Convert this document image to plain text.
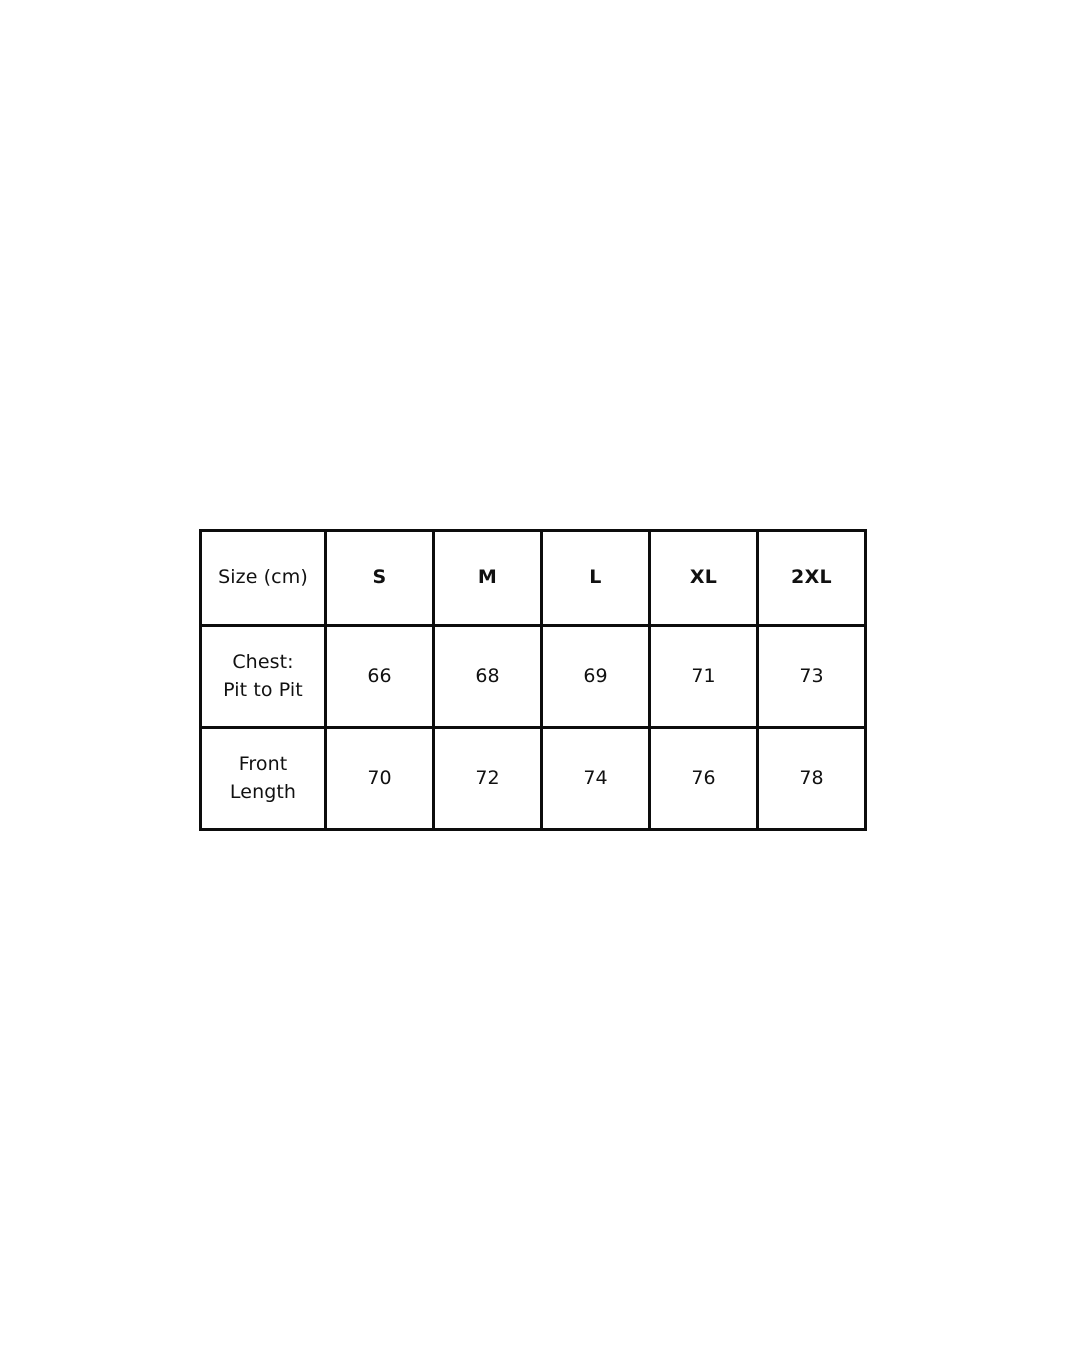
Size (cm)	S	M	L	XL	2XL

Chest:
Pit to Pit	66	68	69	71	73

Front
Length	70	72	74	76	78
